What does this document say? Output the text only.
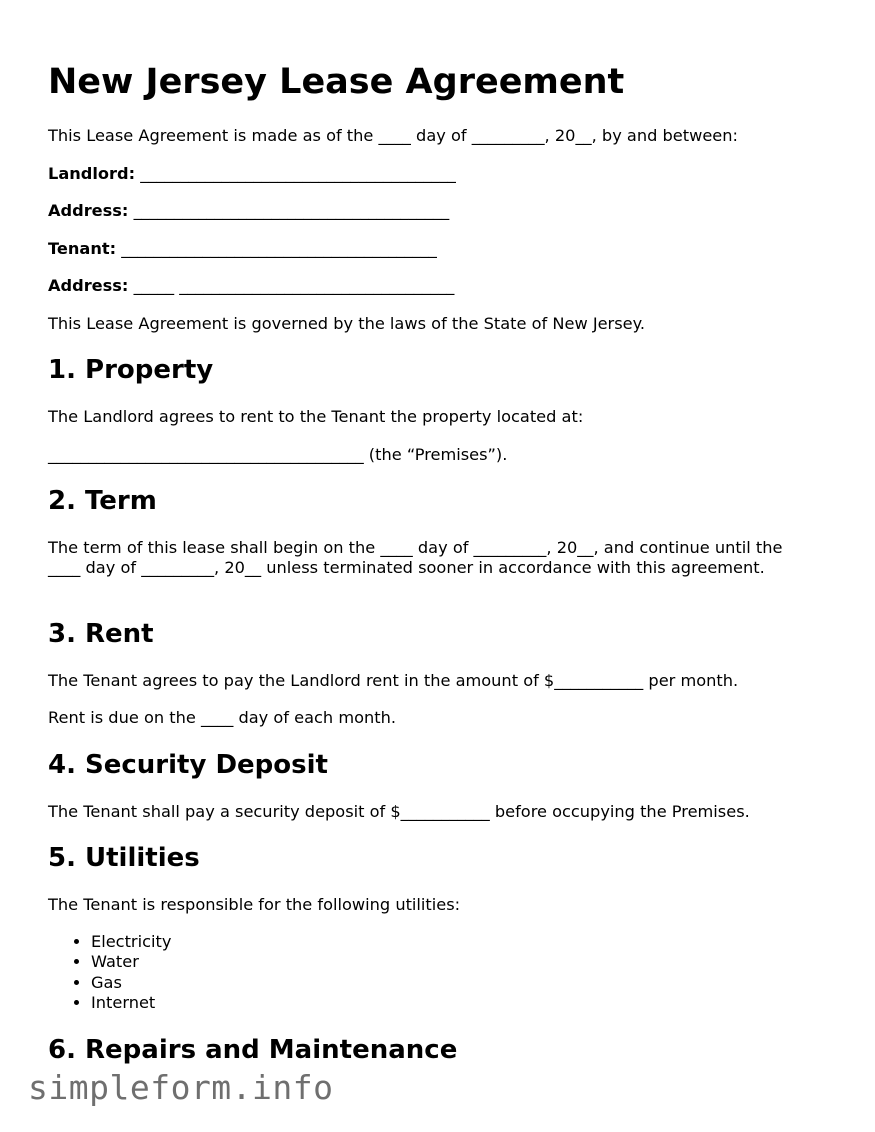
New Jersey Lease Agreement

This Lease Agreement is made as of the ____ day of _________, 20__, by and between:

Landlord: _______________________________________

Address: _______________________________________

Tenant: _______________________________________

Address: _____ __________________________________

This Lease Agreement is governed by the laws of the State of New Jersey.

1. Property

The Landlord agrees to rent to the Tenant the property located at:

_______________________________________ (the “Premises”).

2. Term

The term of this lease shall begin on the ____ day of _________, 20__, and continue until the ____ day of _________, 20__ unless terminated sooner in accordance with this agreement.

3. Rent

The Tenant agrees to pay the Landlord rent in the amount of $___________ per month.

Rent is due on the ____ day of each month.

4. Security Deposit

The Tenant shall pay a security deposit of $___________ before occupying the Premises.

5. Utilities

The Tenant is responsible for the following utilities:

• Electricity
• Water
• Gas
• Internet
6. Repairs and Maintenance
simpleform.info
